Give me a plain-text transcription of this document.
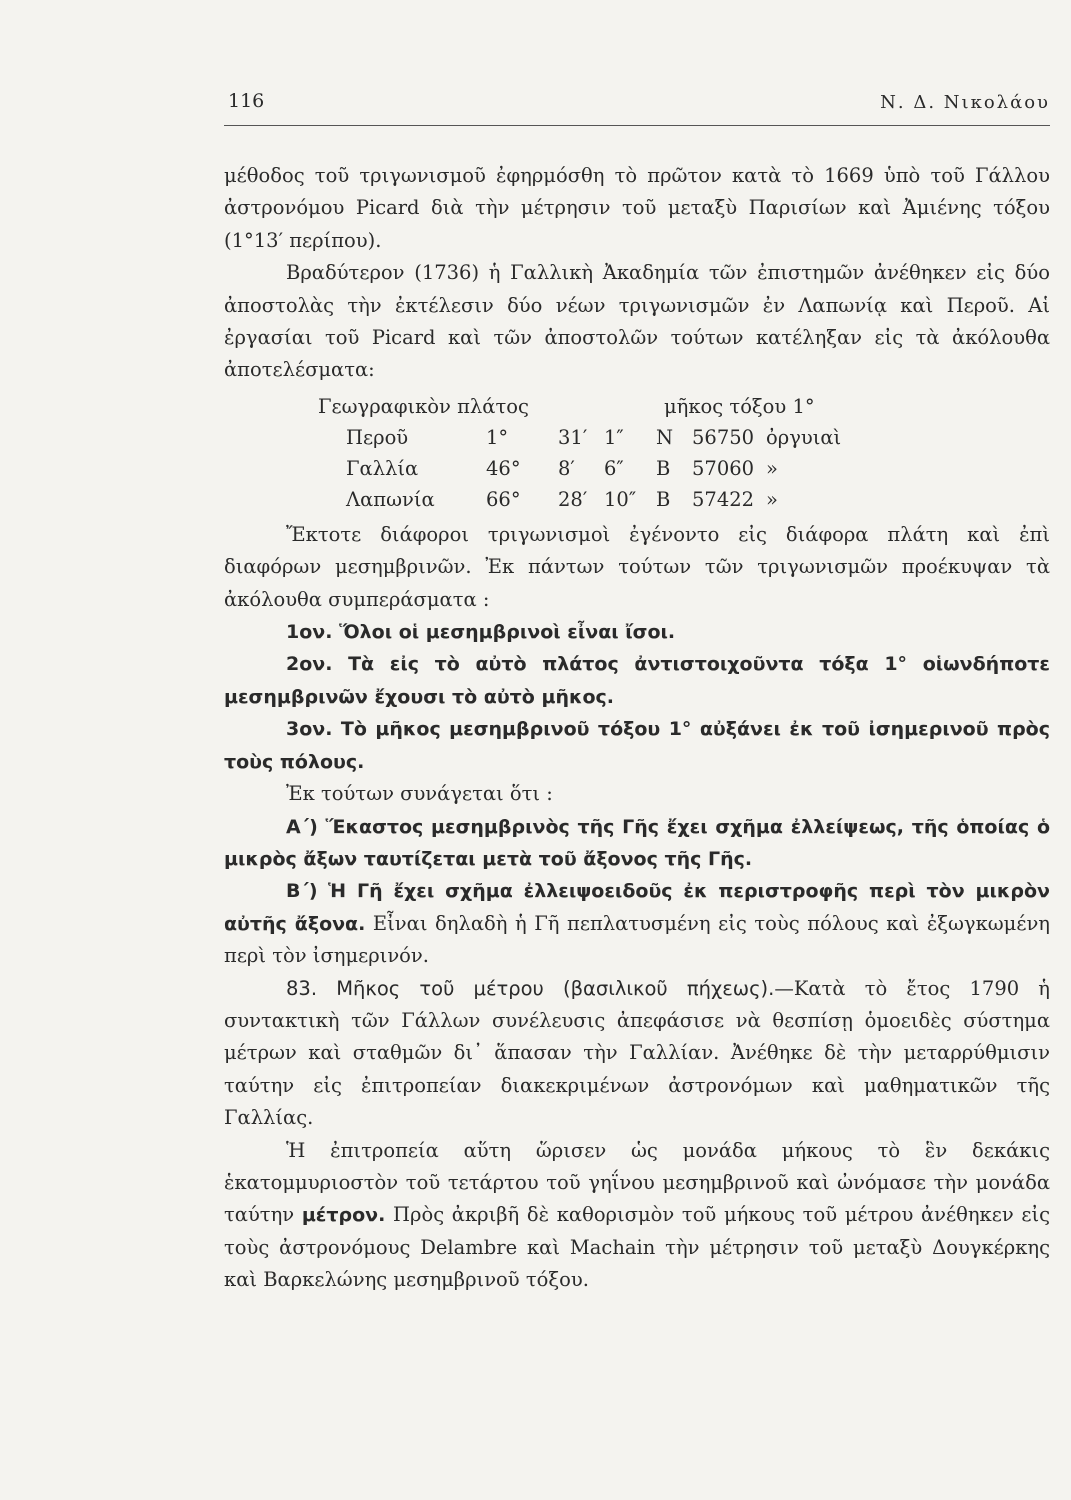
116	Ν. Δ. Νικολάου

μέθοδος τοῦ τριγωνισμοῦ ἐφηρμόσθη τὸ πρῶτον κατὰ τὸ 1669 ὑπὸ τοῦ Γάλλου ἀστρονόμου Picard διὰ τὴν μέτρησιν τοῦ μεταξὺ Παρισίων καὶ Ἀμιένης τόξου (1°13′ περίπου).

Βραδύτερον (1736) ἡ Γαλλικὴ Ἀκαδημία τῶν ἐπιστημῶν ἀνέθηκεν εἰς δύο ἀποστολὰς τὴν ἐκτέλεσιν δύο νέων τριγωνισμῶν ἐν Λαπωνίᾳ καὶ Περοῦ. Αἱ ἐργασίαι τοῦ Picard καὶ τῶν ἀποστολῶν τούτων κατέληξαν εἰς τὰ ἀκόλουθα ἀποτελέσματα:

Γεωγραφικὸν πλάτος	μῆκος τόξου 1°
Περοῦ	1°	31′ 1″	N 56750 ὀργυιαὶ
Γαλλία	46°	8′	6″	B	57060 »
Λαπωνία	66°	28′ 10″	B	57422 »

Ἔκτοτε διάφοροι τριγωνισμοὶ ἐγένοντο εἰς διάφορα πλάτη καὶ ἐπὶ διαφόρων μεσημβρινῶν. Ἐκ πάντων τούτων τῶν τριγωνισμῶν προέκυψαν τὰ ἀκόλουθα συμπεράσματα :

1ον. Ὅλοι οἱ μεσημβρινοὶ εἶναι ἴσοι.

2ον. Τὰ εἰς τὸ αὐτὸ πλάτος ἀντιστοιχοῦντα τόξα 1° οἱωνδήποτε μεσημβρινῶν ἔχουσι τὸ αὐτὸ μῆκος.

3ον. Τὸ μῆκος μεσημβρινοῦ τόξου 1° αὐξάνει ἐκ τοῦ ἰσημερινοῦ πρὸς τοὺς πόλους.

Ἐκ τούτων συνάγεται ὅτι :

Α΄) Ἕκαστος μεσημβρινὸς τῆς Γῆς ἔχει σχῆμα ἐλλείψεως, τῆς ὁποίας ὁ μικρὸς ἄξων ταυτίζεται μετὰ τοῦ ἄξονος τῆς Γῆς.

Β΄) Ἡ Γῆ ἔχει σχῆμα ἐλλειψοειδοῦς ἐκ περιστροφῆς περὶ τὸν μικρὸν αὐτῆς ἄξονα. Εἶναι δηλαδὴ ἡ Γῆ πεπλατυσμένη εἰς τοὺς πόλους καὶ ἐξωγκωμένη περὶ τὸν ἰσημερινόν.

83. Μῆκος τοῦ μέτρου (βασιλικοῦ πήχεως).—Κατὰ τὸ ἔτος 1790 ἡ συντακτικὴ τῶν Γάλλων συνέλευσις ἀπεφάσισε νὰ θεσπίσῃ ὁμοειδὲς σύστημα μέτρων καὶ σταθμῶν δι᾽ ἅπασαν τὴν Γαλλίαν. Ἀνέθηκε δὲ τὴν μεταρρύθμισιν ταύτην εἰς ἐπιτροπείαν διακεκριμένων ἀστρονόμων καὶ μαθηματικῶν τῆς Γαλλίας.

Ἡ ἐπιτροπεία αὕτη ὥρισεν ὡς μονάδα μήκους τὸ ἓν δεκάκις ἑκατομμυριοστὸν τοῦ τετάρτου τοῦ γηΐνου μεσημβρινοῦ καὶ ὠνόμασε τὴν μονάδα ταύτην μέτρον. Πρὸς ἀκριβῆ δὲ καθορισμὸν τοῦ μήκους τοῦ μέτρου ἀνέθηκεν εἰς τοὺς ἀστρονόμους Delambre καὶ Machain τὴν μέτρησιν τοῦ μεταξὺ Δουγκέρκης καὶ Βαρκελώνης μεσημβρινοῦ τόξου.
